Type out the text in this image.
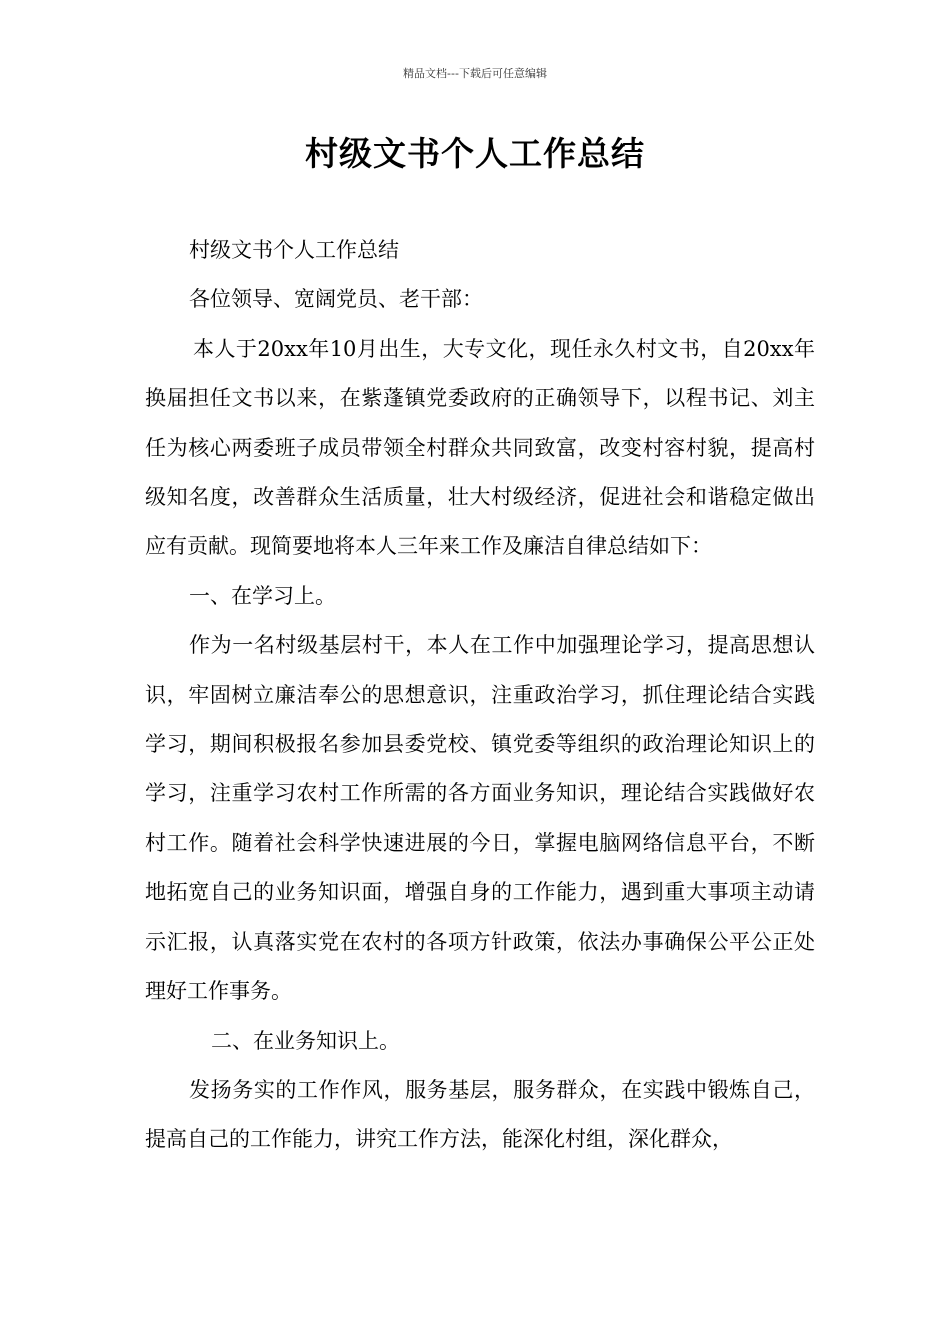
精品文档---下载后可任意编辑
村级文书个人工作总结

村级文书个人工作总结

各位领导、宽阔党员、老干部：

本人于20xx年10月出生，大专文化，现任永久村文书，自20xx年换届担任文书以来，在紫蓬镇党委政府的正确领导下，以程书记、刘主任为核心两委班子成员带领全村群众共同致富，改变村容村貌，提高村级知名度，改善群众生活质量，壮大村级经济，促进社会和谐稳定做出应有贡献。现简要地将本人三年来工作及廉洁自律总结如下：

一、在学习上。

作为一名村级基层村干，本人在工作中加强理论学习，提高思想认识，牢固树立廉洁奉公的思想意识，注重政治学习，抓住理论结合实践学习，期间积极报名参加县委党校、镇党委等组织的政治理论知识上的学习，注重学习农村工作所需的各方面业务知识，理论结合实践做好农村工作。随着社会科学快速进展的今日，掌握电脑网络信息平台，不断地拓宽自己的业务知识面，增强自身的工作能力，遇到重大事项主动请示汇报，认真落实党在农村的各项方针政策，依法办事确保公平公正处理好工作事务。

二、在业务知识上。

发扬务实的工作作风，服务基层，服务群众，在实践中锻炼自己，提高自己的工作能力，讲究工作方法，能深化村组，深化群众，
